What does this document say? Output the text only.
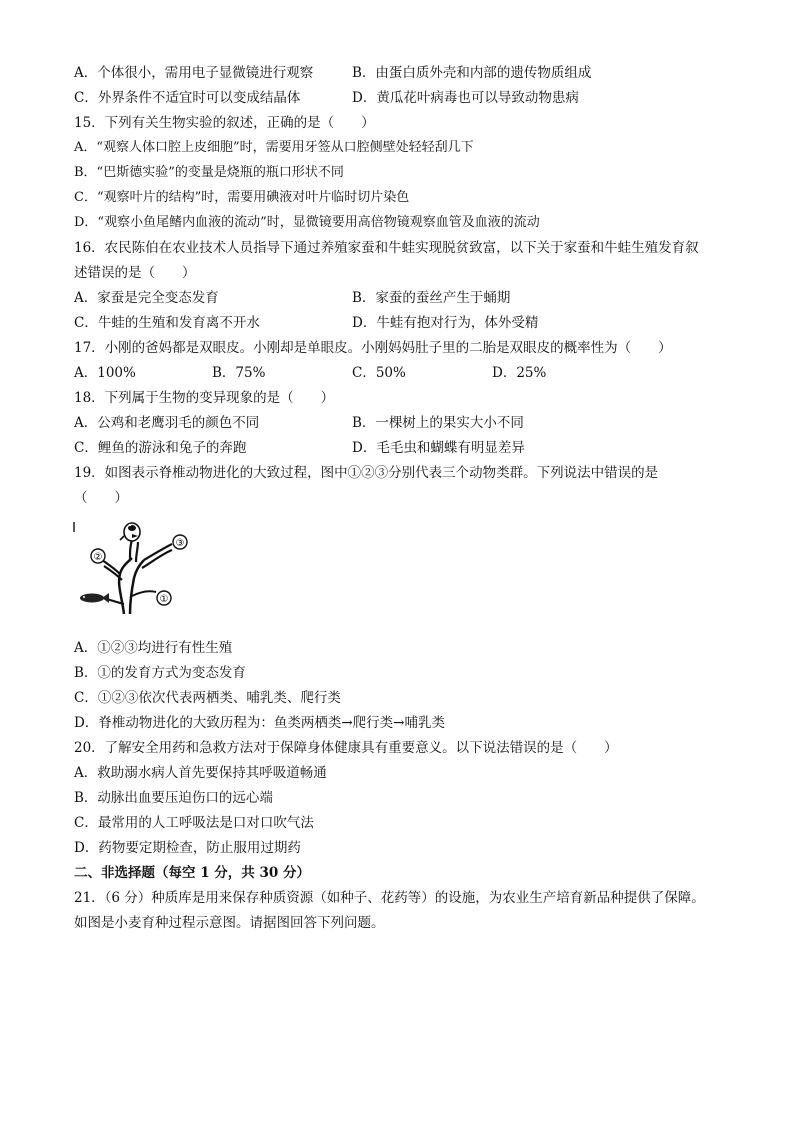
A．个体很小，需用电子显微镜进行观察	B．由蛋白质外壳和内部的遗传物质组成
C．外界条件不适宜时可以变成结晶体	D．黄瓜花叶病毒也可以导致动物患病
15．下列有关生物实验的叙述，正确的是（　　）
A．“观察人体口腔上皮细胞”时，需要用牙签从口腔侧壁处轻轻刮几下
B．“巴斯德实验”的变量是烧瓶的瓶口形状不同
C．“观察叶片的结构”时，需要用碘液对叶片临时切片染色
D．“观察小鱼尾鳍内血液的流动”时，显微镜要用高倍物镜观察血管及血液的流动
16．农民陈伯在农业技术人员指导下通过养殖家蚕和牛蛙实现脱贫致富，以下关于家蚕和牛蛙生殖发育叙
述错误的是（　　）
A．家蚕是完全变态发育	B．家蚕的蚕丝产生于蛹期
C．牛蛙的生殖和发育离不开水	D．牛蛙有抱对行为，体外受精
17．小刚的爸妈都是双眼皮。小刚却是单眼皮。小刚妈妈肚子里的二胎是双眼皮的概率性为（　　）
A．100%	B．75%	C．50%	D．25%
18．下列属于生物的变异现象的是（　　）
A．公鸡和老鹰羽毛的颜色不同	B．一棵树上的果实大小不同
C．鲤鱼的游泳和兔子的奔跑	D．毛毛虫和蝴蝶有明显差异
19．如图表示脊椎动物进化的大致过程，图中①②③分别代表三个动物类群。下列说法中错误的是
（　　）
②
③
①
A．①②③均进行有性生殖
B．①的发育方式为变态发育
C．①②③依次代表两栖类、哺乳类、爬行类
D．脊椎动物进化的大致历程为：鱼类两栖类→爬行类→哺乳类
20．了解安全用药和急救方法对于保障身体健康具有重要意义。以下说法错误的是（　　）
A．救助溺水病人首先要保持其呼吸道畅通
B．动脉出血要压迫伤口的远心端
C．最常用的人工呼吸法是口对口吹气法
D．药物要定期检查，防止服用过期药
二、非选择题（每空 1 分，共 30 分）
21．（6 分）种质库是用来保存种质资源（如种子、花药等）的设施，为农业生产培育新品种提供了保障。
如图是小麦育种过程示意图。请据图回答下列问题。
